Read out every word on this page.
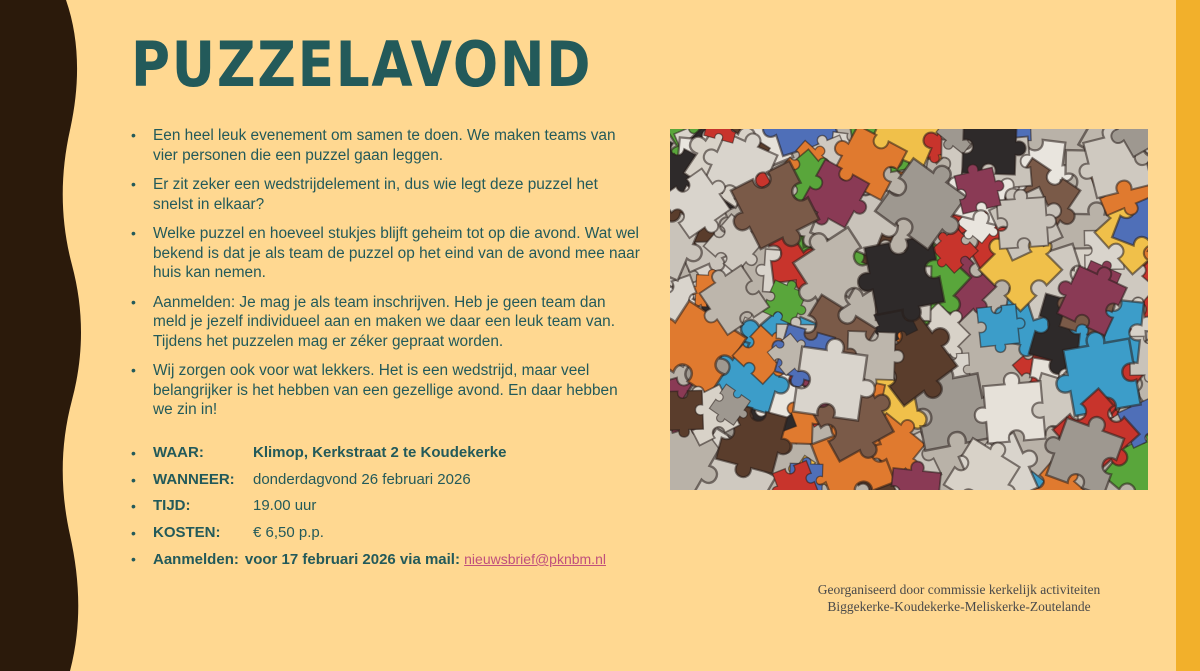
PUZZELAVOND
• Een heel leuk evenement om samen te doen. We maken teams van vier personen die een puzzel gaan leggen.
• Er zit zeker een wedstrijdelement in, dus wie legt deze puzzel het snelst in elkaar?
• Welke puzzel en hoeveel stukjes blijft geheim tot op die avond. Wat wel bekend is dat je als team de puzzel op het eind van de avond mee naar huis kan nemen.
• Aanmelden: Je mag je als team inschrijven. Heb je geen team dan meld je jezelf individueel aan en maken we daar een leuk team van. Tijdens het puzzelen mag er zéker gepraat worden.
• Wij zorgen ook voor wat lekkers. Het is een wedstrijd, maar veel belangrijker is het hebben van een gezellige avond. En daar hebben we zin in!
• WAAR:	Klimop, Kerkstraat 2 te Koudekerke
• WANNEER: donderdagvond 26 februari 2026
• TIJD:	19.00 uur
• KOSTEN: € 6,50 p.p.
• Aanmelden: voor 17 februari 2026 via mail: nieuwsbrief@pknbm.nl
Georganiseerd door commissie kerkelijk activiteiten
Biggekerke-Koudekerke-Meliskerke-Zoutelande
